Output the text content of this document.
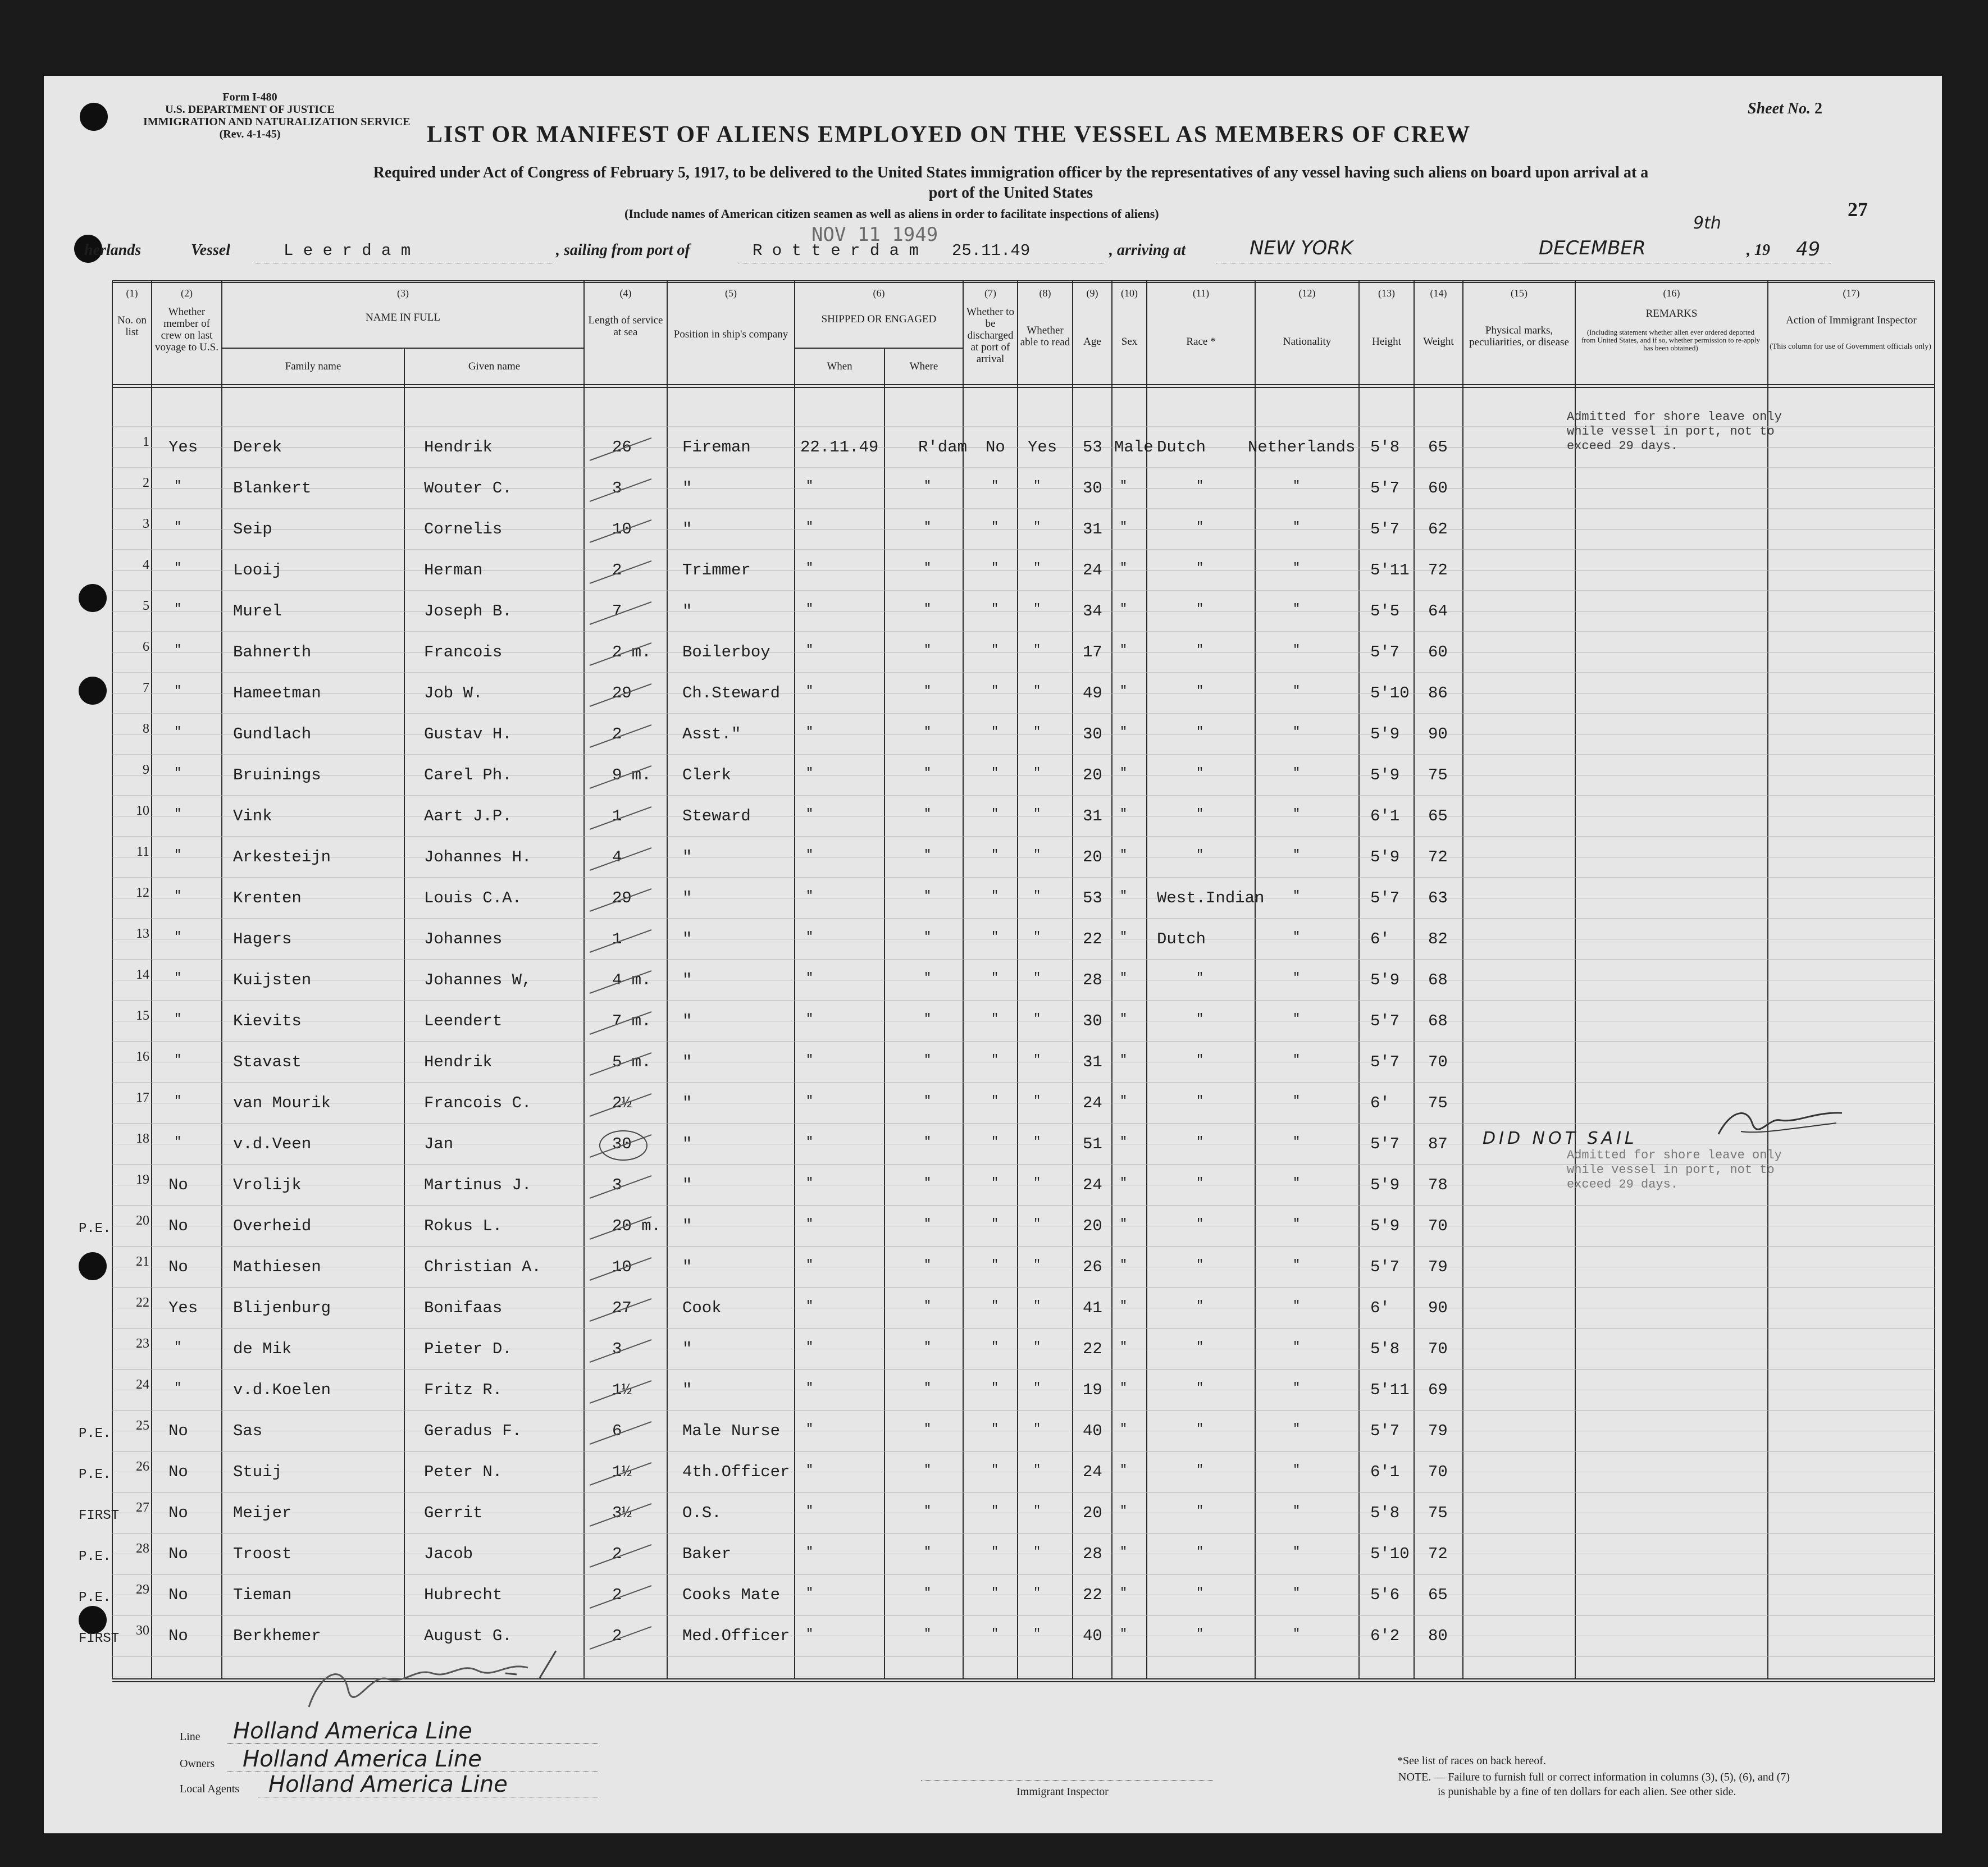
Form I-480
U.S. DEPARTMENT OF JUSTICE
IMMIGRATION AND NATURALIZATION SERVICE
(Rev. 4-1-45)
Sheet No. 2
LIST OR MANIFEST OF ALIENS EMPLOYED ON THE VESSEL AS MEMBERS OF CREW
Required under Act of Congress of February 5, 1917, to be delivered to the United States immigration officer by the representatives of any vessel having such aliens on board upon arrival at a
port of the United States
(Include names of American citizen seamen as well as aliens in order to facilitate inspections of aliens)	27
herlands	Vessel	L e e r d a m	, sailing from port of	R o t t e r d a m 25.11.49
NOV 11 1949
, arriving at	NEW YORK	DECEMBER
9th
, 19 49
(1)
No. on list
(2)
Whether member of crew on last voyage to U.S.
(3)
NAME IN FULL
(4)
Length of service at sea
(5)
Position in ship's company
(6)
SHIPPED OR ENGAGED
(7)
Whether to be discharged at port of arrival
(8)
Whether able to read
(9)
Age
(10)
Sex
(11)
Race *
(12)
Nationality
(13)
Height
(14)
Weight
(15)
Physical marks, peculiarities, or disease
(16)
REMARKS
(17)
Action of Immigrant Inspector
Family name	Given name	When	Where
(Including statement whether alien ever ordered deported from United States, and if so, whether permission to re-apply has been obtained)	(This column for use of Government officials only)
1 Yes Derek	Hendrik	26	Fireman	22.11.49 R'dam No Yes 53 Male Dutch	Netherlands 5'8 65
2 "	Blankert	Wouter C.	3	"	"	"	"	"	30 "	"	"	5'7 60
3 "	Seip	Cornelis	10	"	"	"	"	"	31 "	"	"	5'7 62
4 "	Looij	Herman	2	Trimmer	"	"	"	"	24 "	"	"	5'11 72
5 "	Murel	Joseph B.	7	"	"	"	"	"	34 "	"	"	5'5 64
6 "	Bahnerth	Francois	2 m. Boilerboy	"	"	"	"	17 "	"	"	5'7 60
7 "	Hameetman	Job W.	29	Ch.Steward "	"	"	"	49 "	"	"	5'10 86
8 "	Gundlach	Gustav H.	2	Asst."	"	"	"	"	30 "	"	"	5'9 90
9 "	Bruinings	Carel Ph.	9 m. Clerk	"	"	"	"	20 "	"	"	5'9 75
10 "	Vink	Aart J.P.	1	Steward	"	"	"	"	31 "	"	"	6'1 65
11 "	Arkesteijn	Johannes H.	4	"	"	"	"	"	20 "	"	"	5'9 72
12 "	Krenten	Louis C.A.	29	"	"	"	"	"	53 " West.Indian "	5'7 63
13 "	Hagers	Johannes	1	"	"	"	"	"	22 " Dutch	"	6' 82
14 "	Kuijsten	Johannes W,	4 m. "	"	"	"	"	28 "	"	"	5'9 68
15 "	Kievits	Leendert	7 m. "	"	"	"	"	30 "	"	"	5'7 68
16 "	Stavast	Hendrik	5 m. "	"	"	"	"	31 "	"	"	5'7 70
17 "	van Mourik	Francois C.	2½	"	"	"	"	"	24 "	"	"	6' 75
18 "	v.d.Veen	Jan	30	"	"	"	"	"	51 "	"	"	5'7 87
19 No	Vrolijk	Martinus J.	3	"	"	"	"	"	24 "	"	"	5'9 78
20
P.E.	No	Overheid	Rokus L.	20 m. "	"	"	"	"	20 "	"	"	5'9 70
21 No	Mathiesen	Christian A.	10	"	"	"	"	"	26 "	"	"	5'7 79
22 Yes Blijenburg	Bonifaas	27	Cook	"	"	"	"	41 "	"	"	6' 90
23 "	de Mik	Pieter D.	3	"	"	"	"	"	22 "	"	"	5'8 70
24 "	v.d.Koelen	Fritz R.	1½	"	"	"	"	"	19 "	"	"	5'11 69
25
P.E.	No	Sas	Geradus F.	6	Male Nurse "	"	"	"	40 "	"	"	5'7 79
26
P.E.	No	Stuij	Peter N.	1½	4th.Officer "	"	"	"	24 "	"	"	6'1 70
27
FIRST	No	Meijer	Gerrit	3½	O.S.	"	"	"	"	20 "	"	"	5'8 75
28
P.E.	No	Troost	Jacob	2	Baker	"	"	"	"	28 "	"	"	5'10 72
29
P.E.	No	Tieman	Hubrecht	2	Cooks Mate "	"	"	"	22 "	"	"	5'6 65
30
FIRST	No	Berkhemer	August G.	2	Med.Officer "	"	"	"	40 "	"	"	6'2 80
Admitted for shore leave only
while vessel in port, not to
exceed 29 days.
DID NOT SAIL
Admitted for shore leave only
while vessel in port, not to
exceed 29 days.
Line Holland America Line
Owners Holland America Line
Local Agents Holland America Line	Immigrant Inspector
*See list of races on back hereof.
NOTE. — Failure to furnish full or correct information in columns (3), (5), (6), and (7)
is punishable by a fine of ten dollars for each alien. See other side.
